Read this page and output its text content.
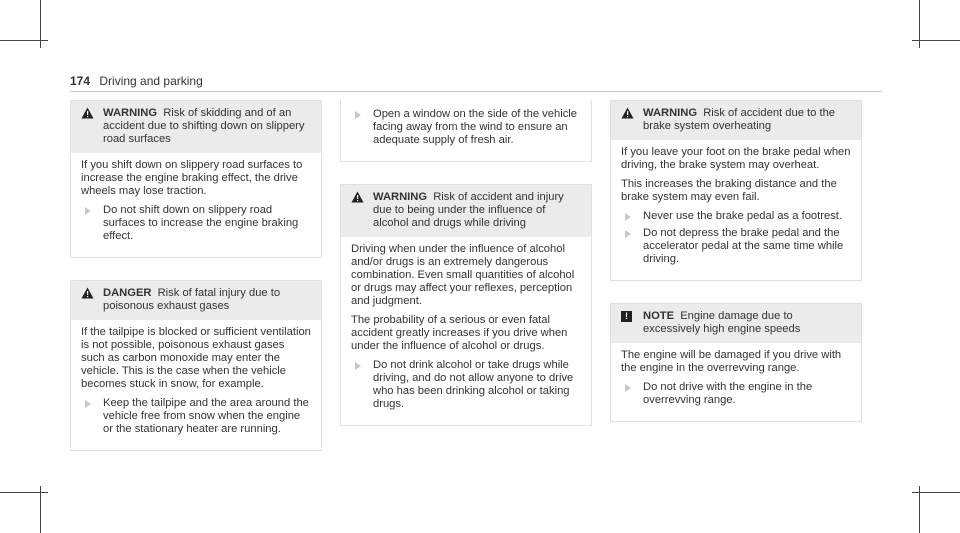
174 Driving and parking
WARNING Risk of skidding and of an accident due to shifting down on slippery road surfaces

If you shift down on slippery road surfaces to increase the engine braking effect, the drive wheels may lose traction.

Do not shift down on slippery road surfaces to increase the engine braking effect.
DANGER Risk of fatal injury due to poisonous exhaust gases

If the tailpipe is blocked or sufficient ventilation is not possible, poisonous exhaust gases such as carbon monoxide may enter the vehicle. This is the case when the vehicle becomes stuck in snow, for example.

Keep the tailpipe and the area around the vehicle free from snow when the engine or the stationary heater are running.
Open a window on the side of the vehicle facing away from the wind to ensure an adequate supply of fresh air.
WARNING Risk of accident and injury due to being under the influence of alcohol and drugs while driving

Driving when under the influence of alcohol and/or drugs is an extremely dangerous combination. Even small quantities of alcohol or drugs may affect your reflexes, perception and judgment.

The probability of a serious or even fatal accident greatly increases if you drive when under the influence of alcohol or drugs.

Do not drink alcohol or take drugs while driving, and do not allow anyone to drive who has been drinking alcohol or taking drugs.
WARNING Risk of accident due to the brake system overheating

If you leave your foot on the brake pedal when driving, the brake system may overheat.

This increases the braking distance and the brake system may even fail.

Never use the brake pedal as a footrest.
Do not depress the brake pedal and the accelerator pedal at the same time while driving.
!	NOTE Engine damage due to excessively high engine speeds

The engine will be damaged if you drive with the engine in the overrevving range.

Do not drive with the engine in the overrevving range.
